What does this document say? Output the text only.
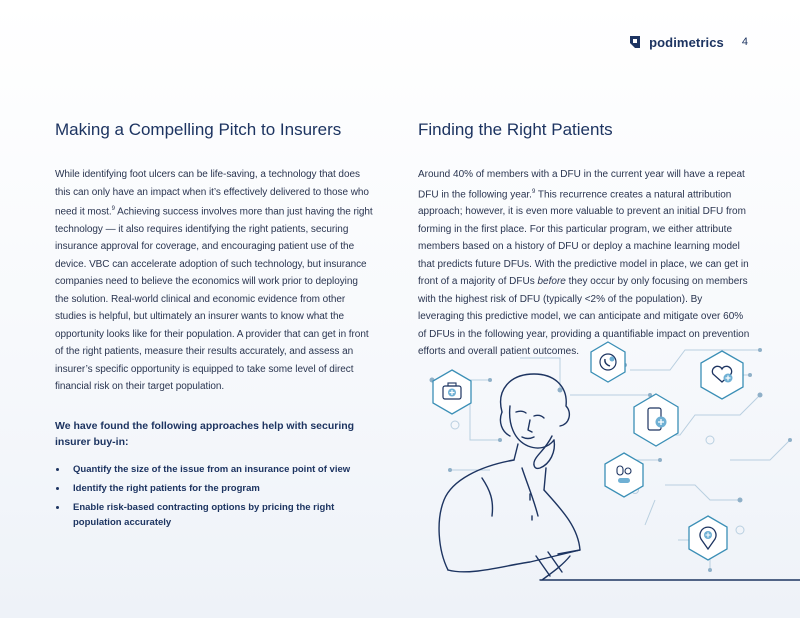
podimetrics 4
Making a Compelling Pitch to Insurers

While identifying foot ulcers can be life-saving, a technology that does this can only have an impact when it’s effectively delivered to those who need it most.$^9$ Achieving success involves more than just having the right technology — it also requires identifying the right patients, securing insurance approval for coverage, and encouraging patient use of the device. VBC can accelerate adoption of such technology, but insurance companies need to believe the economics will work prior to deploying the solution. Real-world clinical and economic evidence from other studies is helpful, but ultimately an insurer wants to know what the opportunity looks like for their population. A provider that can get in front of the right patients, measure their results accurately, and assess an insurer’s specific opportunity is equipped to take some level of direct financial risk on their target population.

We have found the following approaches help with securing insurer buy-in:
Quantify the size of the issue from an insurance point of view
Identify the right patients for the program
Enable risk-based contracting options by pricing the right population accurately
Finding the Right Patients

Around 40% of members with a DFU in the current year will have a repeat DFU in the following year.$^9$ This recurrence creates a natural attribution approach; however, it is even more valuable to prevent an initial DFU from forming in the first place. For this particular program, we either attribute members based on a history of DFU or deploy a machine learning model that predicts future DFUs. With the predictive model in place, we can get in front of a majority of DFUs before they occur by only focusing on members with the highest risk of DFU (typically <2% of the population). By leveraging this predictive model, we can anticipate and mitigate over 60% of DFUs in the following year, providing a quantifiable impact on prevention efforts and overall patient outcomes.
